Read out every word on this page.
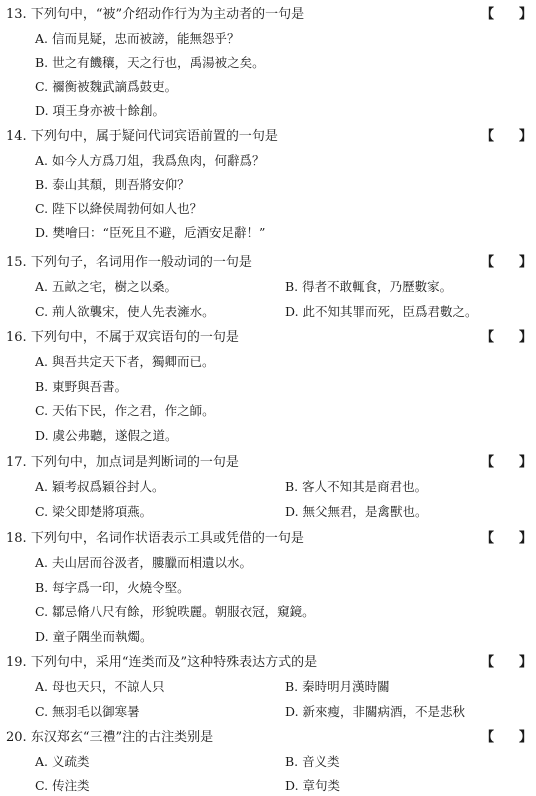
13. 下列句中，“被”介绍动作行为为主动者的一句是	【 】
A. 信而見疑，忠而被謗，能無怨乎？
B. 世之有饑穰，天之行也，禹湯被之矣。
C. 禰衡被魏武謫爲鼓吏。
D. 項王身亦被十餘創。
14. 下列句中，属于疑问代词宾语前置的一句是	【 】
A. 如今人方爲刀俎，我爲魚肉，何辭爲？
B. 泰山其頹，則吾將安仰？
C. 陛下以絳侯周勃何如人也？
D. 樊噲曰：“臣死且不避，卮酒安足辭！”
15. 下列句子，名词用作一般动词的一句是	【 】
A. 五畝之宅，樹之以桑。	B. 得者不敢輒食，乃歷數家。
C. 荊人欲襲宋，使人先表澭水。	D. 此不知其罪而死，臣爲君數之。
16. 下列句中，不属于双宾语句的一句是	【 】
A. 與吾共定天下者，獨卿而已。
B. 東野與吾書。
C. 天佑下民，作之君，作之師。
D. 虞公弗聽，遂假之道。
17. 下列句中，加点词是判断词的一句是	【 】
A. 穎考叔爲穎谷封人。	B. 客人不知其是商君也。
C. 梁父即楚將項燕。	D. 無父無君，是禽獸也。
18. 下列句中，名词作状语表示工具或凭借的一句是	【 】
A. 夫山居而谷汲者，膢臘而相遺以水。
B. 每字爲一印，火燒令堅。
C. 鄒忌脩八尺有餘，形貌昳麗。朝服衣冠，窺鏡。
D. 童子隅坐而執燭。
19. 下列句中，采用“连类而及”这种特殊表达方式的是	【 】
A. 母也天只，不諒人只	B. 秦時明月漢時關
C. 無羽毛以御寒暑	D. 新來瘦，非關病酒，不是悲秋
20. 东汉郑玄“三禮”注的古注类别是	【 】
A. 义疏类	B. 音义类
C. 传注类	D. 章句类
